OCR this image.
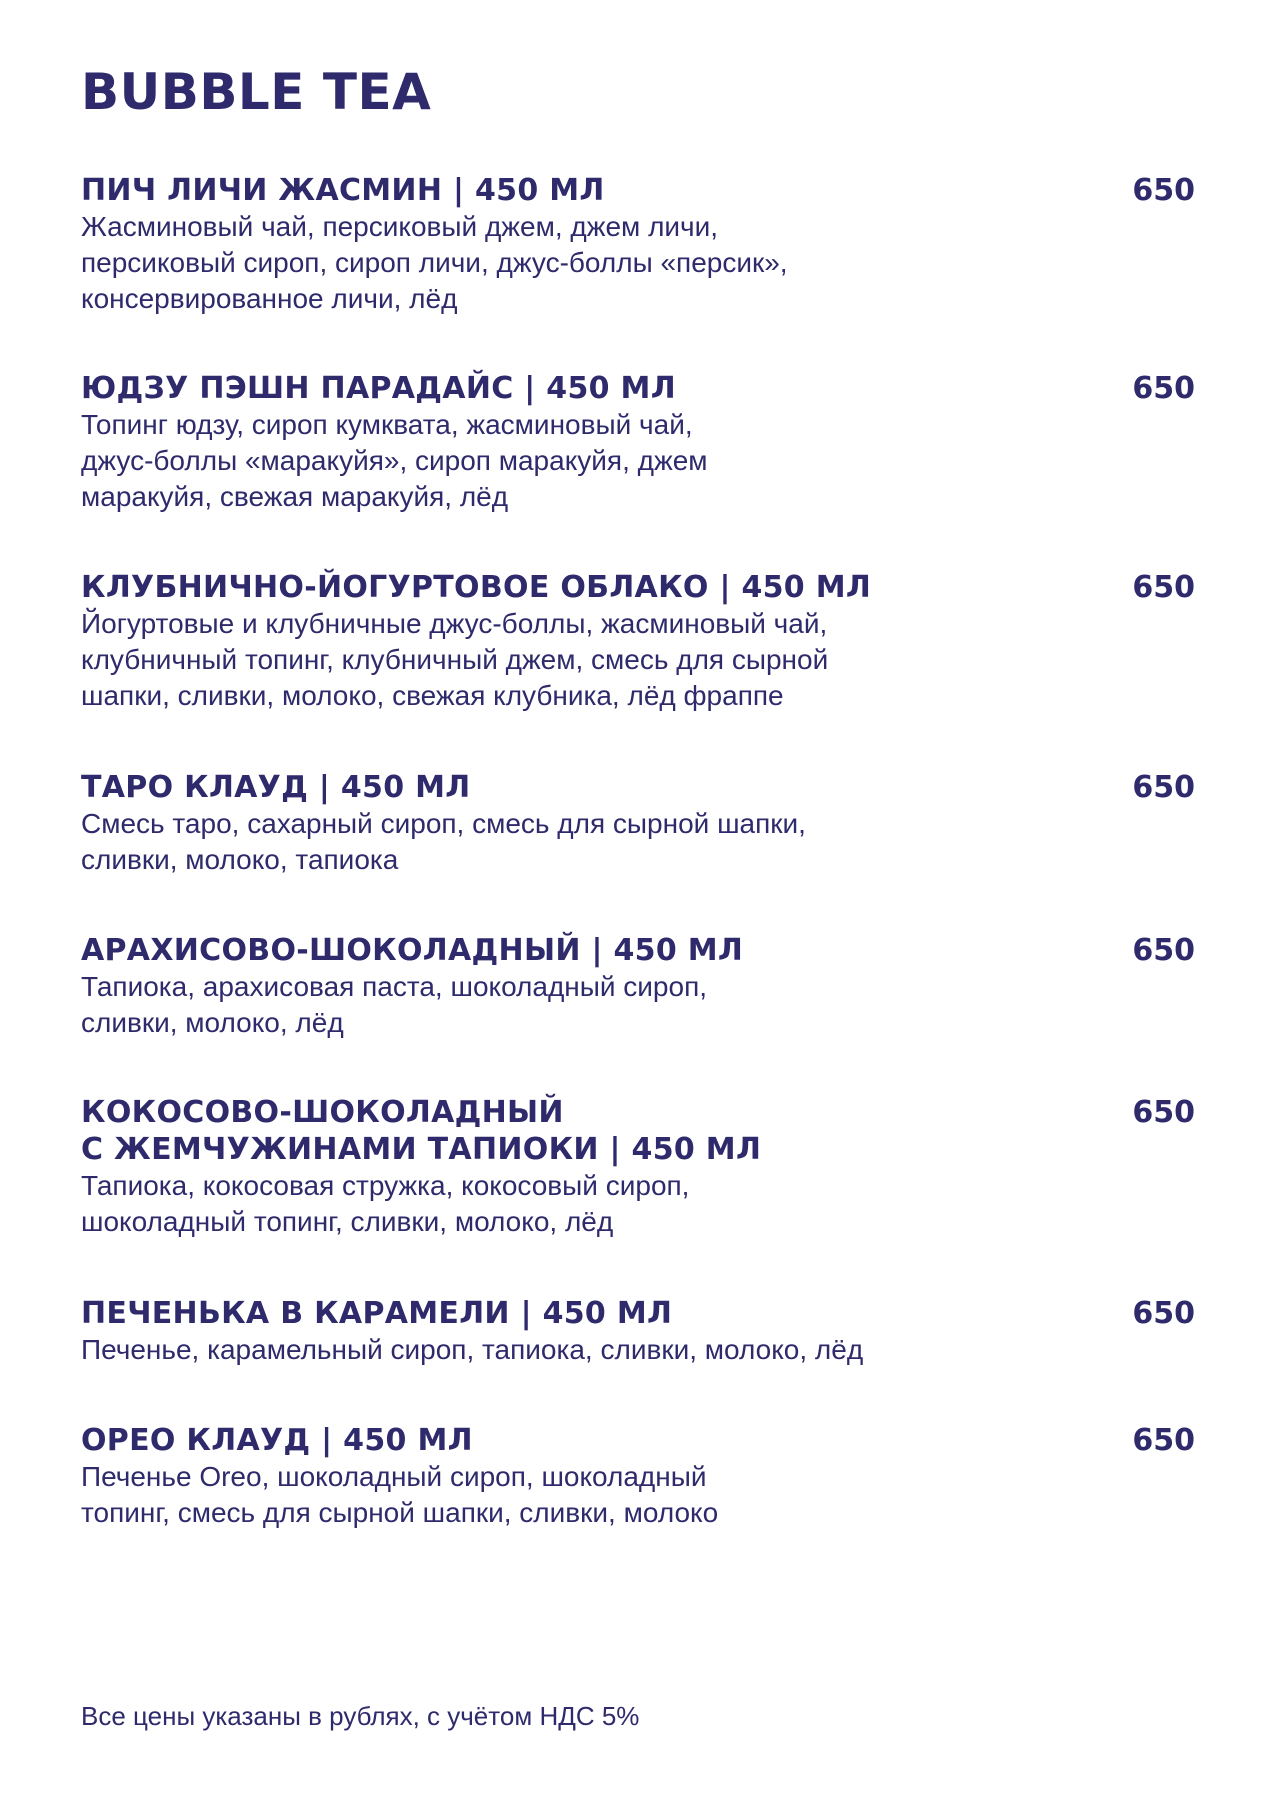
BUBBLE TEA
ПИЧ ЛИЧИ ЖАСМИН | 450 МЛ	650
Жасминовый чай, персиковый джем, джем личи,
персиковый сироп, сироп личи, джус-боллы «персик»,
консервированное личи, лёд
ЮДЗУ ПЭШН ПАРАДАЙС | 450 МЛ	650
Топинг юдзу, сироп кумквата, жасминовый чай,
джус-боллы «маракуйя», сироп маракуйя, джем
маракуйя, свежая маракуйя, лёд
КЛУБНИЧНО-ЙОГУРТОВОЕ ОБЛАКО | 450 МЛ	650
Йогуртовые и клубничные джус-боллы, жасминовый чай,
клубничный топинг, клубничный джем, смесь для сырной
шапки, сливки, молоко, свежая клубника, лёд фраппе
ТАРО КЛАУД | 450 МЛ	650
Смесь таро, сахарный сироп, смесь для сырной шапки,
сливки, молоко, тапиока
АРАХИСОВО-ШОКОЛАДНЫЙ | 450 МЛ	650
Тапиока, арахисовая паста, шоколадный сироп,
сливки, молоко, лёд
КОКОСОВО-ШОКОЛАДНЫЙ
С ЖЕМЧУЖИНАМИ ТАПИОКИ | 450 МЛ
650
Тапиока, кокосовая стружка, кокосовый сироп,
шоколадный топинг, сливки, молоко, лёд
ПЕЧЕНЬКА В КАРАМЕЛИ | 450 МЛ	650
Печенье, карамельный сироп, тапиока, сливки, молоко, лёд
ОРЕО КЛАУД | 450 МЛ	650
Печенье Oreo, шоколадный сироп, шоколадный
топинг, смесь для сырной шапки, сливки, молоко
Все цены указаны в рублях, с учётом НДС 5%
